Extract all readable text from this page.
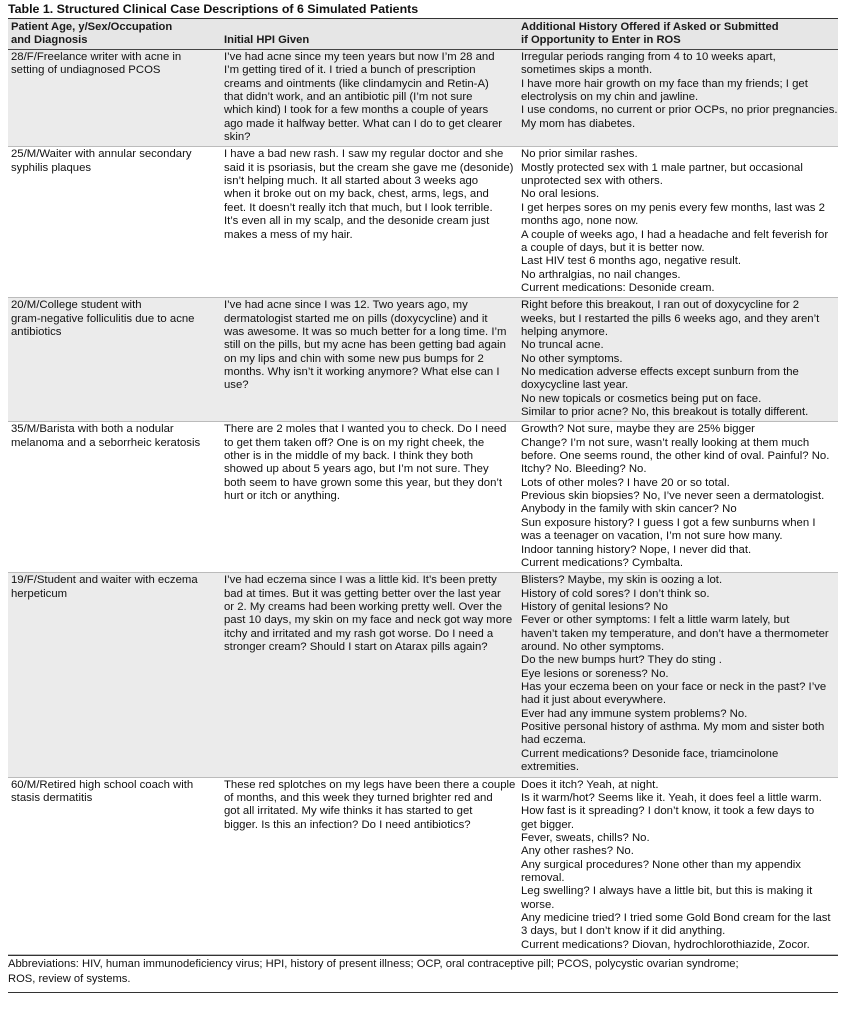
Table 1. Structured Clinical Case Descriptions of 6 Simulated Patients
Patient Age, y/Sex/Occupation
and Diagnosis	Initial HPI Given
Additional History Offered if Asked or Submitted
if Opportunity to Enter in ROS
28/F/Freelance writer with acne in
setting of undiagnosed PCOS
I’ve had acne since my teen years but now I’m 28 and
I’m getting tired of it. I tried a bunch of prescription
creams and ointments (like clindamycin and Retin-A)
that didn’t work, and an antibiotic pill (I’m not sure
which kind) I took for a few months a couple of years
ago made it halfway better. What can I do to get clearer
skin?
Irregular periods ranging from 4 to 10 weeks apart,
sometimes skips a month.
I have more hair growth on my face than my friends; I get
electrolysis on my chin and jawline.
I use condoms, no current or prior OCPs, no prior pregnancies.
My mom has diabetes.
25/M/Waiter with annular secondary
syphilis plaques
I have a bad new rash. I saw my regular doctor and she
said it is psoriasis, but the cream she gave me (desonide)
isn’t helping much. It all started about 3 weeks ago
when it broke out on my back, chest, arms, legs, and
feet. It doesn’t really itch that much, but I look terrible.
It’s even all in my scalp, and the desonide cream just
makes a mess of my hair.
No prior similar rashes.
Mostly protected sex with 1 male partner, but occasional
unprotected sex with others.
No oral lesions.
I get herpes sores on my penis every few months, last was 2
months ago, none now.
A couple of weeks ago, I had a headache and felt feverish for
a couple of days, but it is better now.
Last HIV test 6 months ago, negative result.
No arthralgias, no nail changes.
Current medications: Desonide cream.
20/M/College student with
gram-negative folliculitis due to acne
antibiotics
I’ve had acne since I was 12. Two years ago, my
dermatologist started me on pills (doxycycline) and it
was awesome. It was so much better for a long time. I’m
still on the pills, but my acne has been getting bad again
on my lips and chin with some new pus bumps for 2
months. Why isn’t it working anymore? What else can I
use?
Right before this breakout, I ran out of doxycycline for 2
weeks, but I restarted the pills 6 weeks ago, and they aren’t
helping anymore.
No truncal acne.
No other symptoms.
No medication adverse effects except sunburn from the
doxycycline last year.
No new topicals or cosmetics being put on face.
Similar to prior acne? No, this breakout is totally different.
35/M/Barista with both a nodular
melanoma and a seborrheic keratosis
There are 2 moles that I wanted you to check. Do I need
to get them taken off? One is on my right cheek, the
other is in the middle of my back. I think they both
showed up about 5 years ago, but I’m not sure. They
both seem to have grown some this year, but they don’t
hurt or itch or anything.
Growth? Not sure, maybe they are 25% bigger
Change? I’m not sure, wasn’t really looking at them much
before. One seems round, the other kind of oval. Painful? No.
Itchy? No. Bleeding? No.
Lots of other moles? I have 20 or so total.
Previous skin biopsies? No, I’ve never seen a dermatologist.
Anybody in the family with skin cancer? No
Sun exposure history? I guess I got a few sunburns when I
was a teenager on vacation, I’m not sure how many.
Indoor tanning history? Nope, I never did that.
Current medications? Cymbalta.
19/F/Student and waiter with eczema
herpeticum
I’ve had eczema since I was a little kid. It’s been pretty
bad at times. But it was getting better over the last year
or 2. My creams had been working pretty well. Over the
past 10 days, my skin on my face and neck got way more
itchy and irritated and my rash got worse. Do I need a
stronger cream? Should I start on Atarax pills again?
Blisters? Maybe, my skin is oozing a lot.
History of cold sores? I don’t think so.
History of genital lesions? No
Fever or other symptoms: I felt a little warm lately, but
haven’t taken my temperature, and don’t have a thermometer
around. No other symptoms.
Do the new bumps hurt? They do sting .
Eye lesions or soreness? No.
Has your eczema been on your face or neck in the past? I’ve
had it just about everywhere.
Ever had any immune system problems? No.
Positive personal history of asthma. My mom and sister both
had eczema.
Current medications? Desonide face, triamcinolone
extremities.
60/M/Retired high school coach with
stasis dermatitis
These red splotches on my legs have been there a couple
of months, and this week they turned brighter red and
got all irritated. My wife thinks it has started to get
bigger. Is this an infection? Do I need antibiotics?
Does it itch? Yeah, at night.
Is it warm/hot? Seems like it. Yeah, it does feel a little warm.
How fast is it spreading? I don’t know, it took a few days to
get bigger.
Fever, sweats, chills? No.
Any other rashes? No.
Any surgical procedures? None other than my appendix
removal.
Leg swelling? I always have a little bit, but this is making it
worse.
Any medicine tried? I tried some Gold Bond cream for the last
3 days, but I don’t know if it did anything.
Current medications? Diovan, hydrochlorothiazide, Zocor.
Abbreviations: HIV, human immunodeficiency virus; HPI, history of present illness; OCP, oral contraceptive pill; PCOS, polycystic ovarian syndrome;
ROS, review of systems.
